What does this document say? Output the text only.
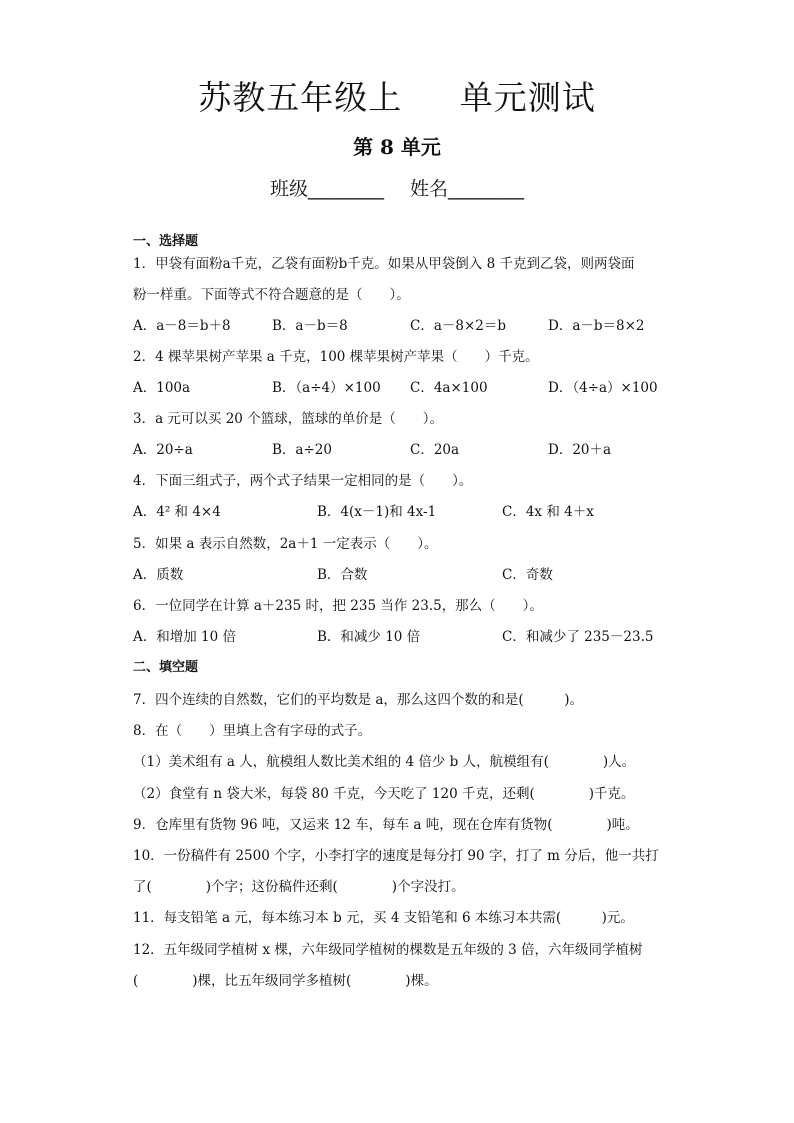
苏教五年级上     单元测试
第 8 单元
班级________ 姓名________
一、选择题
1．甲袋有面粉a千克，乙袋有面粉b千克。如果从甲袋倒入 8 千克到乙袋，则两袋面
粉一样重。下面等式不符合题意的是（　　）。
A．a－8＝b＋8	B．a－b＝8	C．a－8×2＝b	D．a－b＝8×2
2．4 棵苹果树产苹果 a 千克，100 棵苹果树产苹果（　　）千克。
A．100a	B．（a÷4）×100 C．4a×100	D．（4÷a）×100
3．a 元可以买 20 个篮球，篮球的单价是（　　）。
A．20÷a	B．a÷20	C．20a	D．20＋a
4．下面三组式子，两个式子结果一定相同的是（　　）。
A．4² 和 4×4	B．4(x－1)和 4x-1	C．4x 和 4＋x
5．如果 a 表示自然数，2a＋1 一定表示（　　）。
A．质数	B．合数	C．奇数
6．一位同学在计算 a＋235 时，把 235 当作 23.5，那么（　　）。
A．和增加 10 倍	B．和减少 10 倍	C．和减少了 235－23.5
二、填空题
7．四个连续的自然数，它们的平均数是 a，那么这四个数的和是(　　　)。
8．在（　　）里填上含有字母的式子。
（1）美术组有 a 人，航模组人数比美术组的 4 倍少 b 人，航模组有(　　　　)人。
（2）食堂有 n 袋大米，每袋 80 千克，今天吃了 120 千克，还剩(　　　　)千克。
9．仓库里有货物 96 吨，又运来 12 车，每车 a 吨，现在仓库有货物(　　　　)吨。
10．一份稿件有 2500 个字，小李打字的速度是每分打 90 字，打了 m 分后，他一共打
了(　　　　)个字；这份稿件还剩(　　　　)个字没打。
11．每支铅笔 a 元，每本练习本 b 元，买 4 支铅笔和 6 本练习本共需(　　　)元。
12．五年级同学植树 x 棵，六年级同学植树的棵数是五年级的 3 倍，六年级同学植树
(　　　　)棵，比五年级同学多植树(　　　　)棵。
